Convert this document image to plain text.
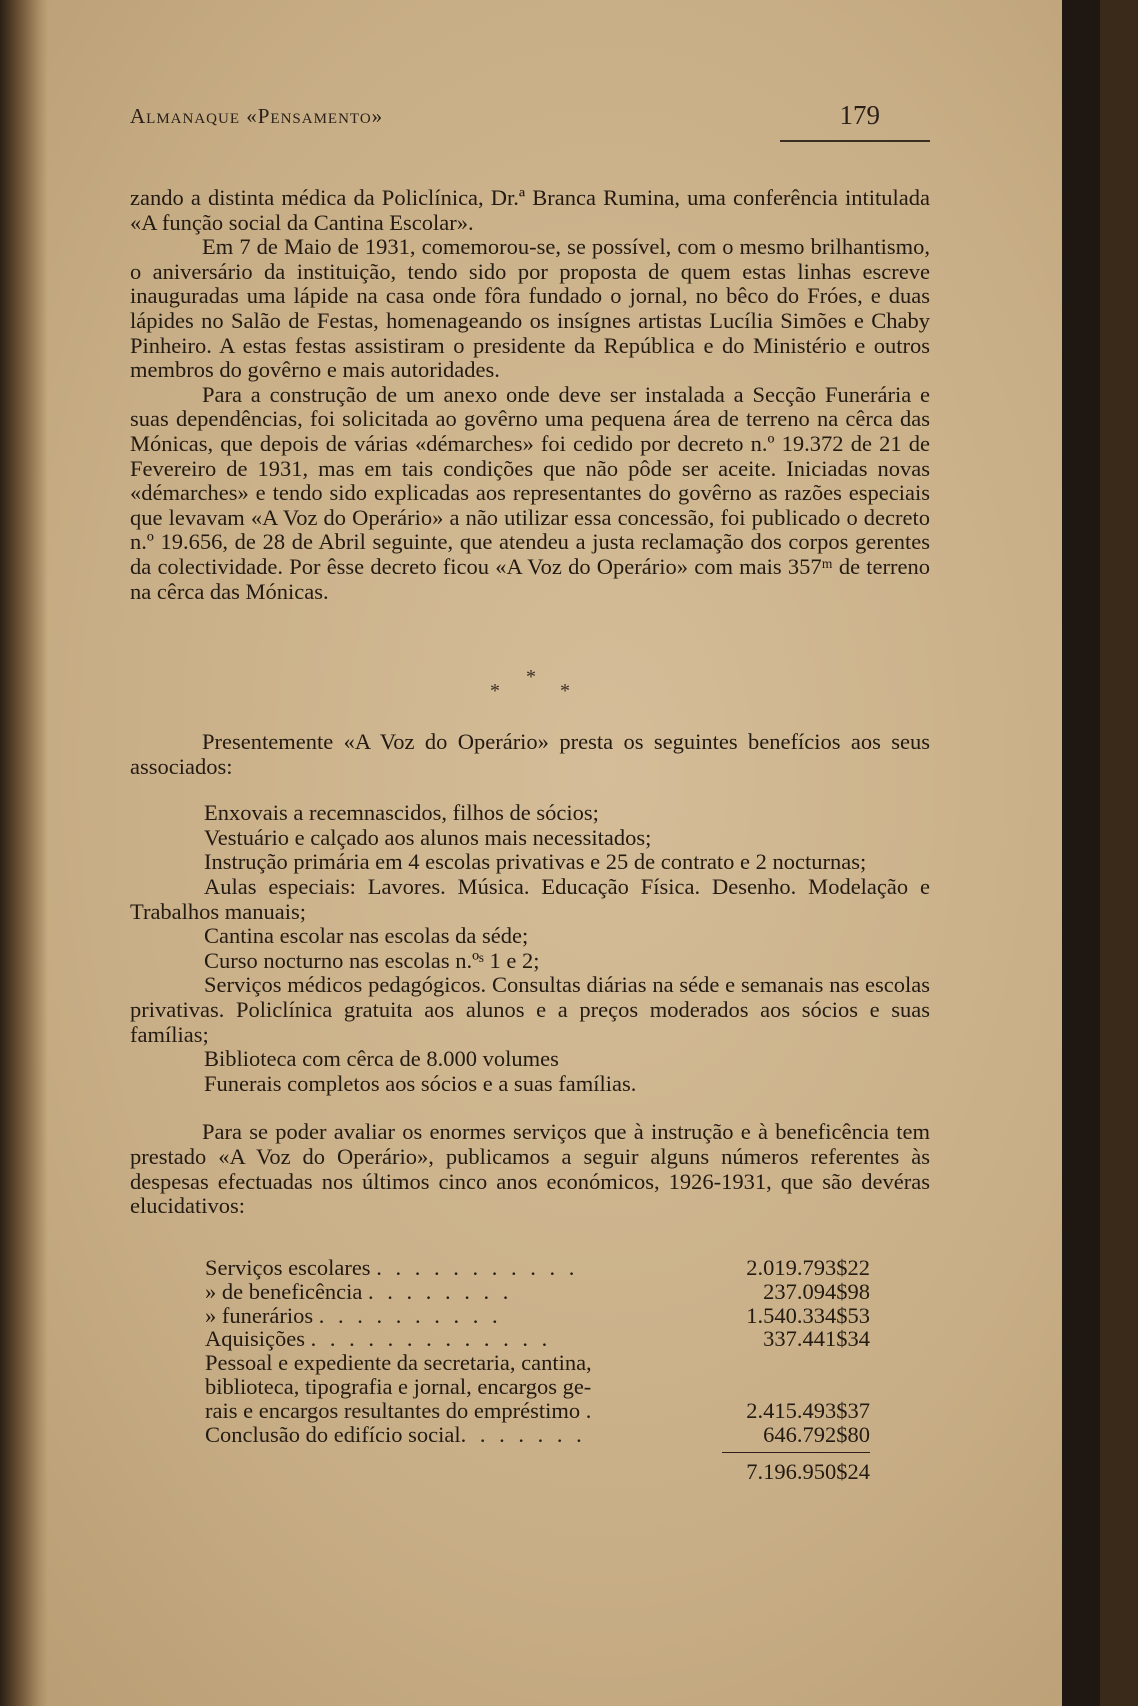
Almanaque «Pensamento»	179

zando a distinta médica da Policlínica, Dr.ª Branca Rumina, uma conferência intitulada «A função social da Cantina Escolar».

Em 7 de Maio de 1931, comemorou-se, se possível, com o mesmo brilhantismo, o aniversário da instituição, tendo sido por proposta de quem estas linhas escreve inauguradas uma lápide na casa onde fôra fundado o jornal, no bêco do Fróes, e duas lápides no Salão de Festas, homenageando os insígnes artistas Lucília Simões e Chaby Pinheiro. A estas festas assistiram o presidente da República e do Ministério e outros membros do govêrno e mais autoridades.

Para a construção de um anexo onde deve ser instalada a Secção Funerária e suas dependências, foi solicitada ao govêrno uma pequena área de terreno na cêrca das Mónicas, que depois de várias «démarches» foi cedido por decreto n.º 19.372 de 21 de Fevereiro de 1931, mas em tais condições que não pôde ser aceite. Iniciadas novas «démarches» e tendo sido explicadas aos representantes do govêrno as razões especiais que levavam «A Voz do Operário» a não utilizar essa concessão, foi publicado o decreto n.º 19.656, de 28 de Abril seguinte, que atendeu a justa reclamação dos corpos gerentes da colectividade. Por êsse decreto ficou «A Voz do Operário» com mais 357ᵐ de terreno na cêrca das Mónicas.

*
*	*

Presentemente «A Voz do Operário» presta os seguintes benefícios aos seus associados:

Enxovais a recemnascidos, filhos de sócios;
Vestuário e calçado aos alunos mais necessitados;
Instrução primária em 4 escolas privativas e 25 de contrato e 2 nocturnas;
Aulas especiais: Lavores. Música. Educação Física. Desenho. Modelação e Trabalhos manuais;
Cantina escolar nas escolas da séde;
Curso nocturno nas escolas n.ºˢ 1 e 2;
Serviços médicos pedagógicos. Consultas diárias na séde e semanais nas escolas privativas. Policlínica gratuita aos alunos e a preços moderados aos sócios e suas famílias;
Biblioteca com cêrca de 8.000 volumes
Funerais completos aos sócios e a suas famílias.

Para se poder avaliar os enormes serviços que à instrução e à beneficência tem prestado «A Voz do Operário», publicamos a seguir alguns números referentes às despesas efectuadas nos últimos cinco anos económicos, 1926-1931, que são devéras elucidativos:

Serviços escolares . . . . . . . . . . .	2.019.793$22
» de beneficência . . . . . . . .	237.094$98
» funerários . . . . . . . . . .	1.540.334$53
Aquisições . . . . . . . . . . . . .	337.441$34
Pessoal e expediente da secretaria, cantina,	
biblioteca, tipografia e jornal, encargos ge-	
rais e encargos resultantes do empréstimo .	2.415.493$37
Conclusão do edifício social. . . . . . .	646.792$80
7.196.950$24
